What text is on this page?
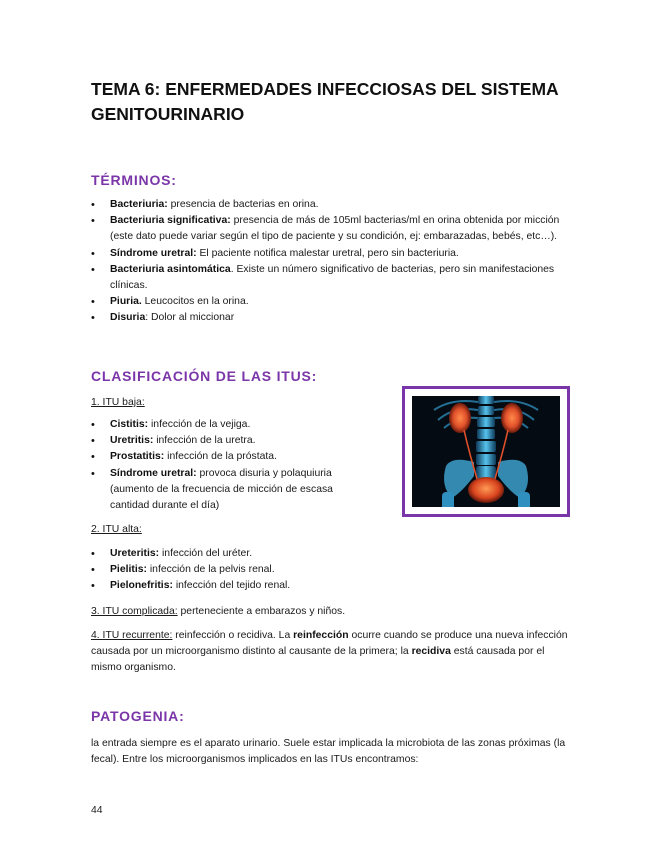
TEMA 6: ENFERMEDADES INFECCIOSAS DEL SISTEMA GENITOURINARIO
TÉRMINOS:
• Bacteriuria: presencia de bacterias en orina.
• Bacteriuria significativa: presencia de más de 105ml bacterias/ml en orina obtenida por micción (este dato puede variar según el tipo de paciente y su condición, ej: embarazadas, bebés, etc…).
• Síndrome uretral: El paciente notifica malestar uretral, pero sin bacteriuria.
• Bacteriuria asintomática. Existe un número significativo de bacterias, pero sin manifestaciones clínicas.
• Piuria. Leucocitos en la orina.
• Disuria: Dolor al miccionar
CLASIFICACIÓN DE LAS ITUS:
1. ITU baja:
• Cistitis: infección de la vejiga.
• Uretritis: infección de la uretra.
• Prostatitis: infección de la próstata.
• Síndrome uretral: provoca disuria y polaquiuria (aumento de la frecuencia de micción de escasa cantidad durante el día)
2. ITU alta:
• Ureteritis: infección del uréter.
• Pielitis: infección de la pelvis renal.
• Pielonefritis: infección del tejido renal.

3. ITU complicada: perteneciente a embarazos y niños.

4. ITU recurrente: reinfección o recidiva. La reinfección ocurre cuando se produce una nueva infección causada por un microorganismo distinto al causante de la primera; la recidiva está causada por el mismo organismo.

PATOGENIA:

la entrada siempre es el aparato urinario. Suele estar implicada la microbiota de las zonas próximas (la fecal). Entre los microorganismos implicados en las ITUs encontramos:

44
